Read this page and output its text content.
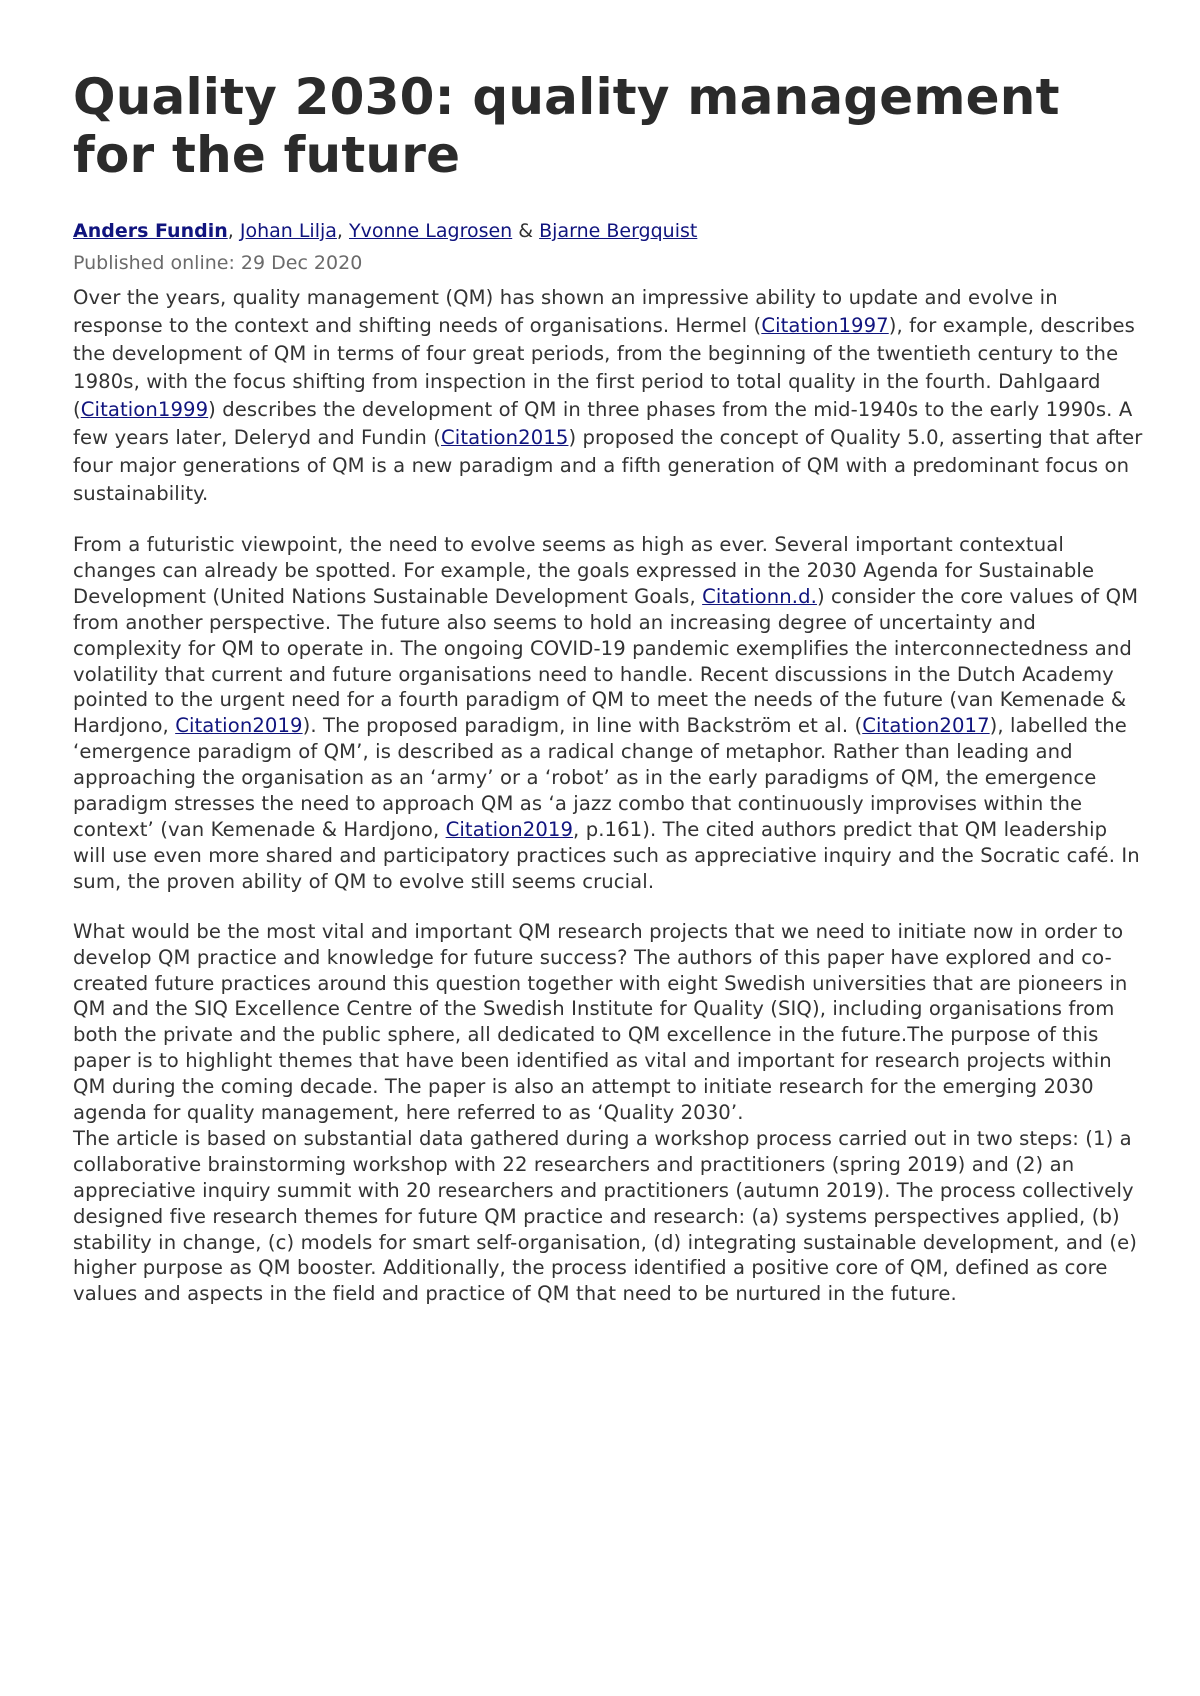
Quality 2030: quality management for the future
Anders Fundin, Johan Lilja, Yvonne Lagrosen & Bjarne Bergquist
Published online: 29 Dec 2020
Over the years, quality management (QM) has shown an impressive ability to update and evolve in response to the context and shifting needs of organisations. Hermel (Citation1997), for example, describes the development of QM in terms of four great periods, from the beginning of the twentieth century to the 1980s, with the focus shifting from inspection in the first period to total quality in the fourth. Dahlgaard (Citation1999) describes the development of QM in three phases from the mid-1940s to the early 1990s. A few years later, Deleryd and Fundin (Citation2015) proposed the concept of Quality 5.0, asserting that after four major generations of QM is a new paradigm and a fifth generation of QM with a predominant focus on sustainability.
From a futuristic viewpoint, the need to evolve seems as high as ever. Several important contextual changes can already be spotted. For example, the goals expressed in the 2030 Agenda for Sustainable Development (United Nations Sustainable Development Goals, Citationn.d.) consider the core values of QM from another perspective. The future also seems to hold an increasing degree of uncertainty and complexity for QM to operate in. The ongoing COVID-19 pandemic exemplifies the interconnectedness and volatility that current and future organisations need to handle. Recent discussions in the Dutch Academy pointed to the urgent need for a fourth paradigm of QM to meet the needs of the future (van Kemenade & Hardjono, Citation2019). The proposed paradigm, in line with Backström et al. (Citation2017), labelled the ‘emergence paradigm of QM’, is described as a radical change of metaphor. Rather than leading and approaching the organisation as an ‘army’ or a ‘robot’ as in the early paradigms of QM, the emergence paradigm stresses the need to approach QM as ‘a jazz combo that continuously improvises within the context’ (van Kemenade & Hardjono, Citation2019, p.161). The cited authors predict that QM leadership will use even more shared and participatory practices such as appreciative inquiry and the Socratic café. In sum, the proven ability of QM to evolve still seems crucial.
What would be the most vital and important QM research projects that we need to initiate now in order to develop QM practice and knowledge for future success? The authors of this paper have explored and co-created future practices around this question together with eight Swedish universities that are pioneers in QM and the SIQ Excellence Centre of the Swedish Institute for Quality (SIQ), including organisations from both the private and the public sphere, all dedicated to QM excellence in the future.The purpose of this paper is to highlight themes that have been identified as vital and important for research projects within QM during the coming decade. The paper is also an attempt to initiate research for the emerging 2030 agenda for quality management, here referred to as ‘Quality 2030’.
The article is based on substantial data gathered during a workshop process carried out in two steps: (1) a collaborative brainstorming workshop with 22 researchers and practitioners (spring 2019) and (2) an appreciative inquiry summit with 20 researchers and practitioners (autumn 2019). The process collectively designed five research themes for future QM practice and research: (a) systems perspectives applied, (b) stability in change, (c) models for smart self-organisation, (d) integrating sustainable development, and (e) higher purpose as QM booster. Additionally, the process identified a positive core of QM, defined as core values and aspects in the field and practice of QM that need to be nurtured in the future.
